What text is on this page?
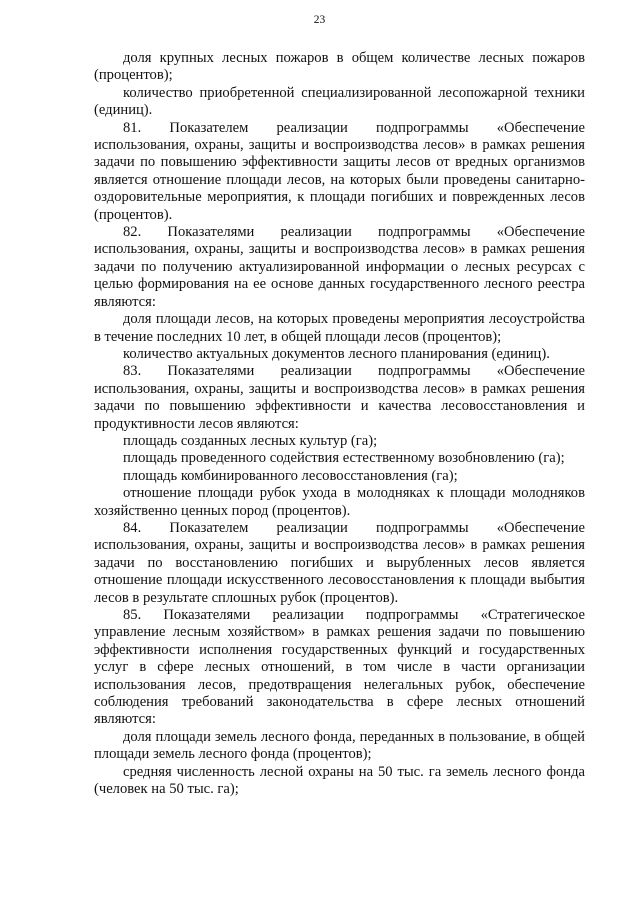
23

доля крупных лесных пожаров в общем количестве лесных пожаров (процентов);

количество приобретенной специализированной лесопожарной техники (единиц).

81. Показателем реализации подпрограммы «Обеспечение использования, охраны, защиты и воспроизводства лесов» в рамках решения задачи по повышению эффективности защиты лесов от вредных организмов является отношение площади лесов, на которых были проведены санитарно-оздоровительные мероприятия, к площади погибших и поврежденных лесов (процентов).

82. Показателями реализации подпрограммы «Обеспечение использования, охраны, защиты и воспроизводства лесов» в рамках решения задачи по получению актуализированной информации о лесных ресурсах с целью формирования на ее основе данных государственного лесного реестра являются:

доля площади лесов, на которых проведены мероприятия лесоустройства в течение последних 10 лет, в общей площади лесов (процентов);

количество актуальных документов лесного планирования (единиц).

83. Показателями реализации подпрограммы «Обеспечение использования, охраны, защиты и воспроизводства лесов» в рамках решения задачи по повышению эффективности и качества лесовосстановления и продуктивности лесов являются:

площадь созданных лесных культур (га);

площадь проведенного содействия естественному возобновлению (га);

площадь комбинированного лесовосстановления (га);

отношение площади рубок ухода в молодняках к площади молодняков хозяйственно ценных пород (процентов).

84. Показателем реализации подпрограммы «Обеспечение использования, охраны, защиты и воспроизводства лесов» в рамках решения задачи по восстановлению погибших и вырубленных лесов является отношение площади искусственного лесовосстановления к площади выбытия лесов в результате сплошных рубок (процентов).

85. Показателями реализации подпрограммы «Стратегическое управление лесным хозяйством» в рамках решения задачи по повышению эффективности исполнения государственных функций и государственных услуг в сфере лесных отношений, в том числе в части организации использования лесов, предотвращения нелегальных рубок, обеспечение соблюдения требований законодательства в сфере лесных отношений являются:

доля площади земель лесного фонда, переданных в пользование, в общей площади земель лесного фонда (процентов);

средняя численность лесной охраны на 50 тыс. га земель лесного фонда (человек на 50 тыс. га);
